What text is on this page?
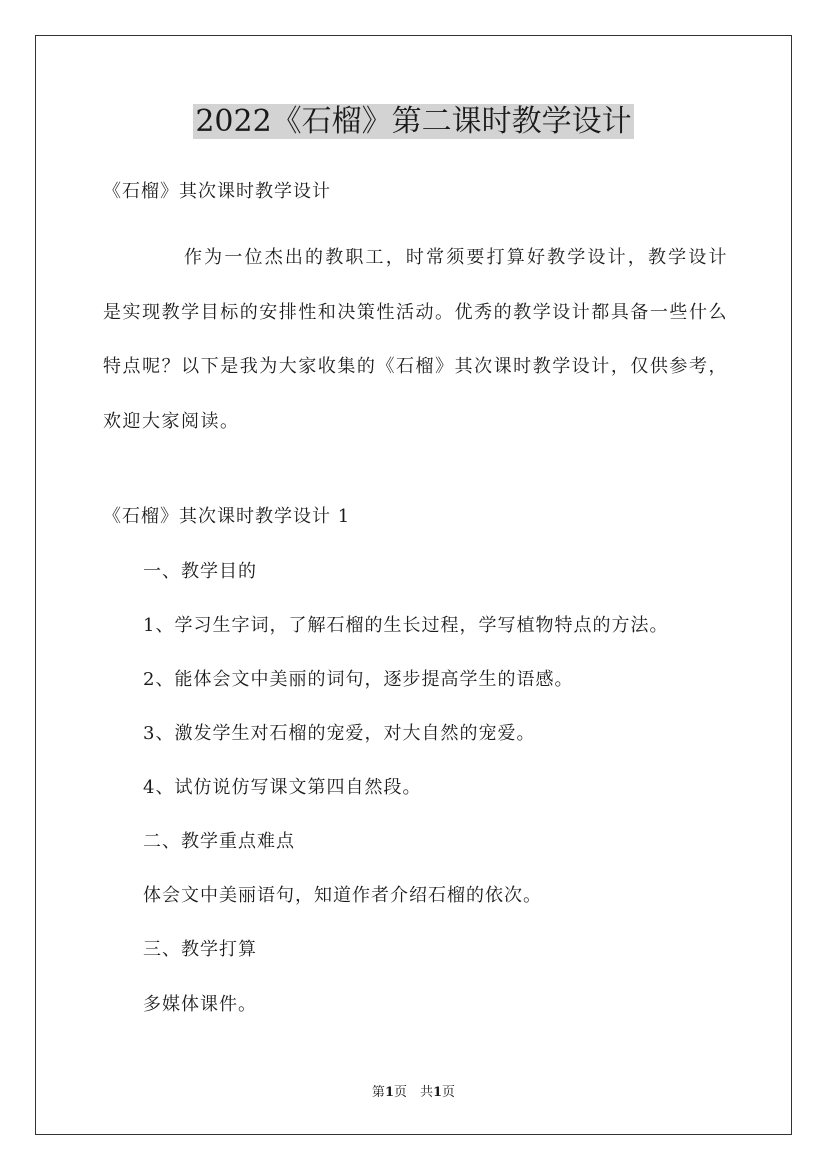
2022《石榴》第二课时教学设计

《石榴》其次课时教学设计

作为一位杰出的教职工，时常须要打算好教学设计，教学设计是实现教学目标的安排性和决策性活动。优秀的教学设计都具备一些什么特点呢？以下是我为大家收集的《石榴》其次课时教学设计，仅供参考，欢迎大家阅读。

《石榴》其次课时教学设计 1

一、教学目的

1、学习生字词，了解石榴的生长过程，学写植物特点的方法。

2、能体会文中美丽的词句，逐步提高学生的语感。

3、激发学生对石榴的宠爱，对大自然的宠爱。

4、试仿说仿写课文第四自然段。

二、教学重点难点

体会文中美丽语句，知道作者介绍石榴的依次。

三、教学打算

多媒体课件。

第1页　共1页
